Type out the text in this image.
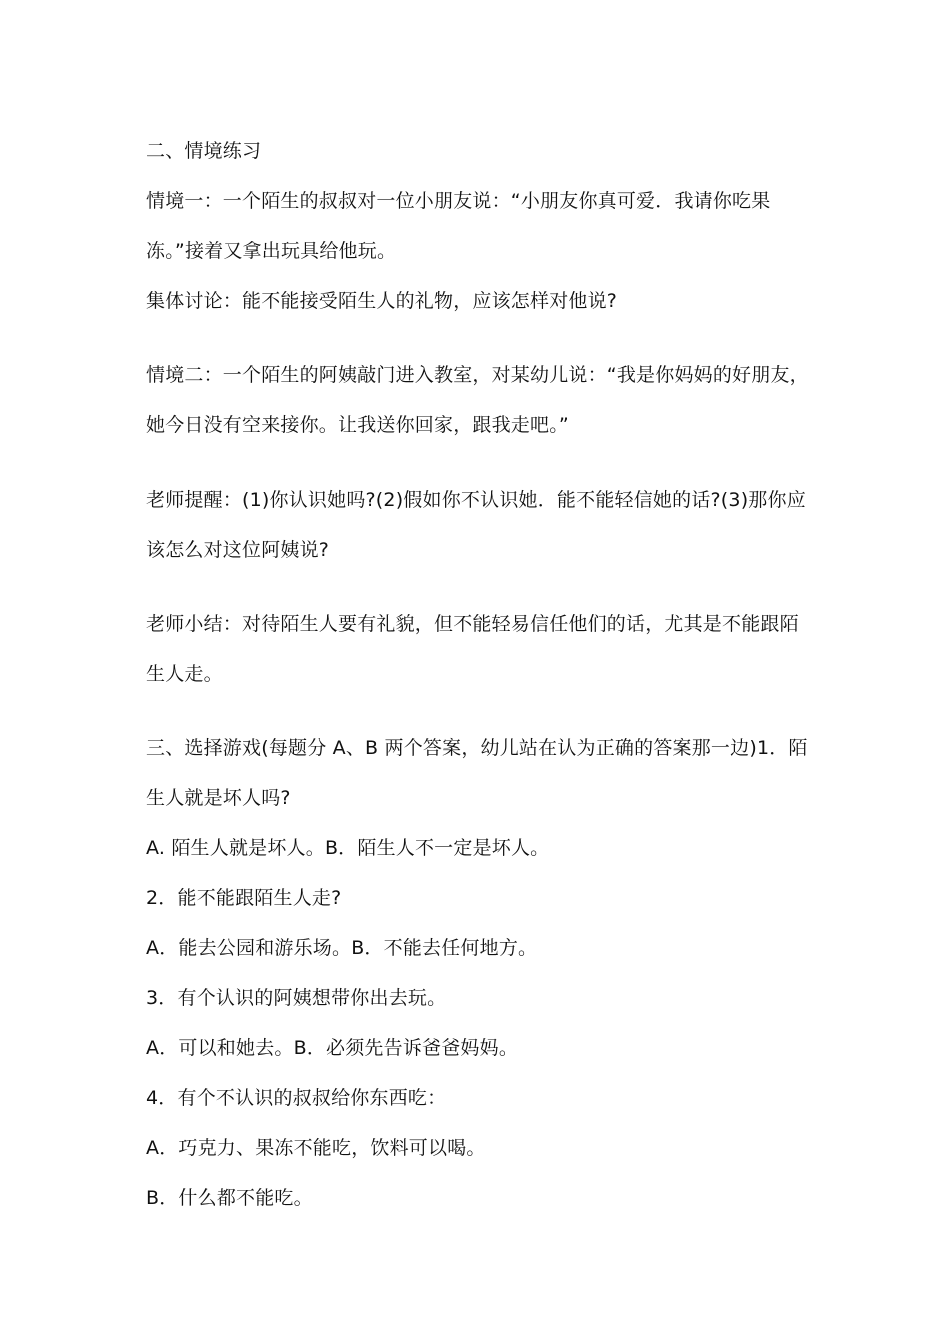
二、情境练习

情境一：一个陌生的叔叔对一位小朋友说：“小朋友你真可爱．我请你吃果

冻。”接着又拿出玩具给他玩。

集体讨论：能不能接受陌生人的礼物，应该怎样对他说?

情境二：一个陌生的阿姨敲门进入教室，对某幼儿说：“我是你妈妈的好朋友，

她今日没有空来接你。让我送你回家，跟我走吧。”

老师提醒：(1)你认识她吗?(2)假如你不认识她．能不能轻信她的话?(3)那你应

该怎么对这位阿姨说?

老师小结：对待陌生人要有礼貌，但不能轻易信任他们的话，尤其是不能跟陌

生人走。

三、选择游戏(每题分 A、B 两个答案，幼儿站在认为正确的答案那一边)1．陌

生人就是坏人吗?

A. 陌生人就是坏人。B．陌生人不一定是坏人。

2．能不能跟陌生人走?

A．能去公园和游乐场。B．不能去任何地方。

3．有个认识的阿姨想带你出去玩。

A．可以和她去。B．必须先告诉爸爸妈妈。

4．有个不认识的叔叔给你东西吃：

A．巧克力、果冻不能吃，饮料可以喝。

B．什么都不能吃。
